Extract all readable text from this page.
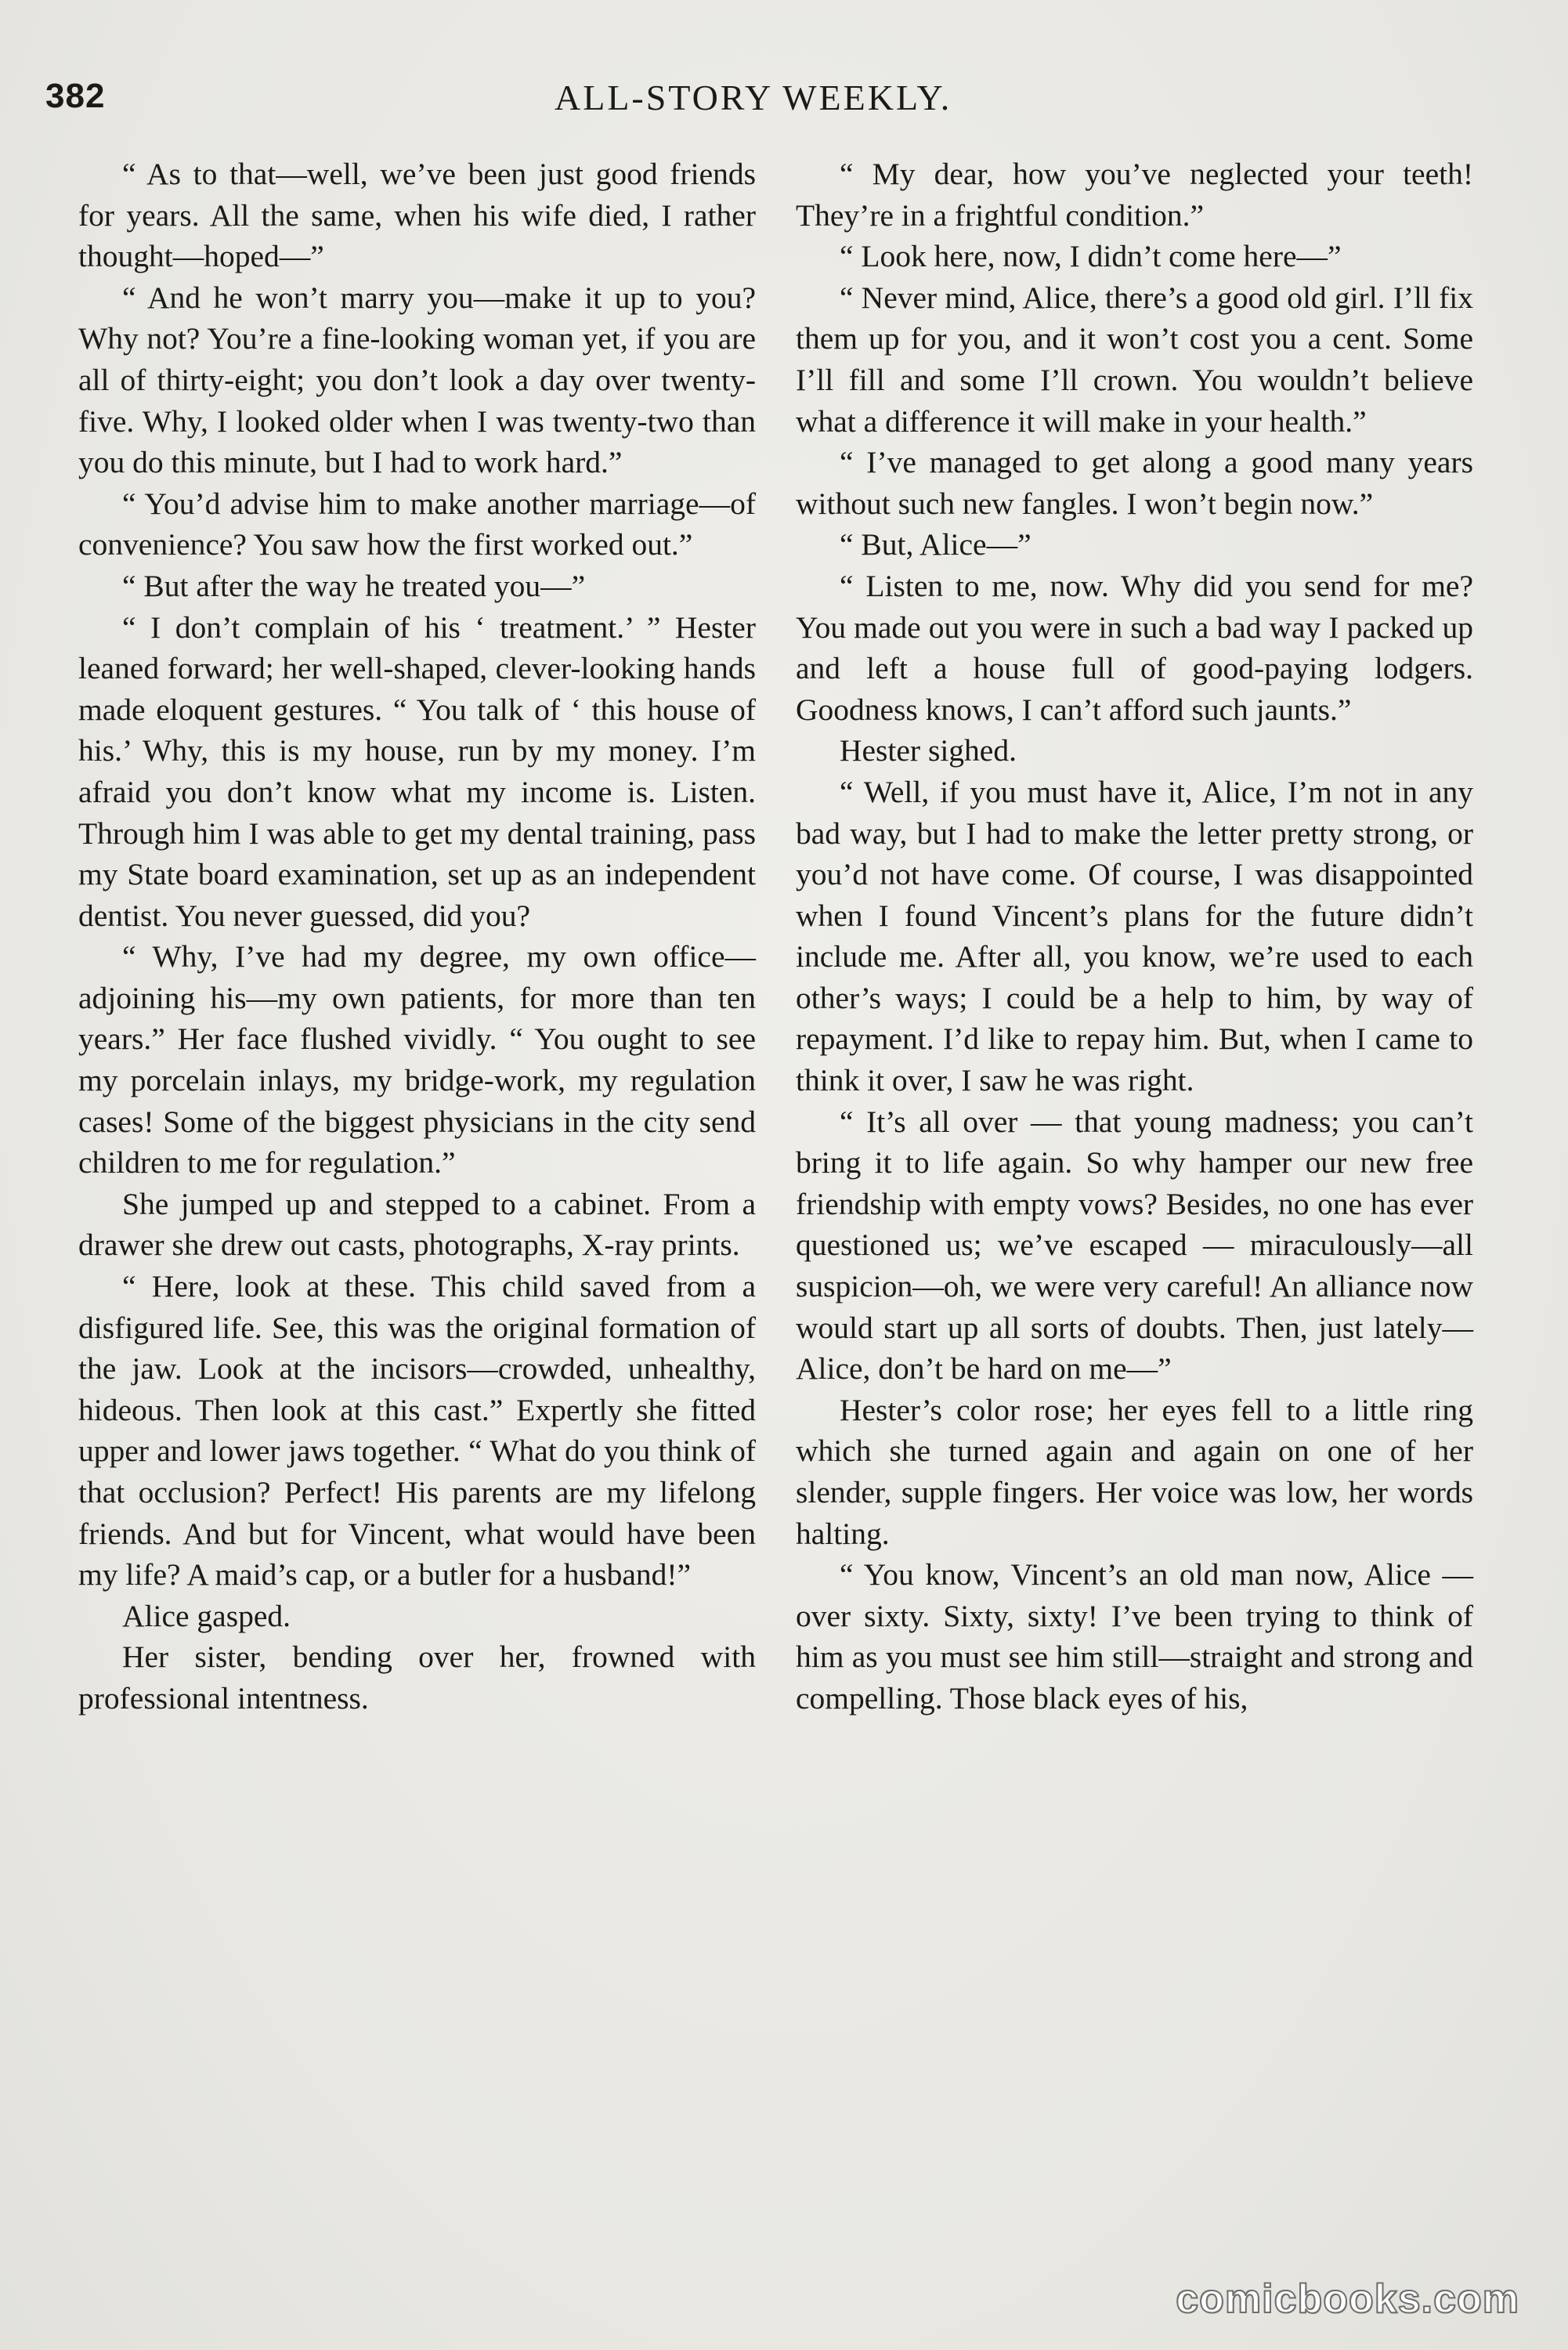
382	ALL-STORY WEEKLY.

“ As to that—well, we’ve been just good friends for years. All the same, when his wife died, I rather thought—hoped—”

“ And he won’t marry you—make it up to you? Why not? You’re a fine-looking woman yet, if you are all of thirty-eight; you don’t look a day over twenty-five. Why, I looked older when I was twenty-two than you do this minute, but I had to work hard.”

“ You’d advise him to make another marriage—of convenience? You saw how the first worked out.”

“ But after the way he treated you—”

“ I don’t complain of his ‘ treatment.’ ” Hester leaned forward; her well-shaped, clever-looking hands made eloquent gestures. “ You talk of ‘ this house of his.’ Why, this is my house, run by my money. I’m afraid you don’t know what my income is. Listen. Through him I was able to get my dental training, pass my State board examination, set up as an independent dentist. You never guessed, did you?

“ Why, I’ve had my degree, my own office—adjoining his—my own patients, for more than ten years.” Her face flushed vividly. “ You ought to see my porcelain inlays, my bridge-work, my regulation cases! Some of the biggest physicians in the city send children to me for regulation.”

She jumped up and stepped to a cabinet. From a drawer she drew out casts, photographs, X-ray prints.

“ Here, look at these. This child saved from a disfigured life. See, this was the original formation of the jaw. Look at the incisors—crowded, unhealthy, hideous. Then look at this cast.” Expertly she fitted upper and lower jaws together. “ What do you think of that occlusion? Perfect! His parents are my lifelong friends. And but for Vincent, what would have been my life? A maid’s cap, or a butler for a husband!”

Alice gasped.

Her sister, bending over her, frowned with professional intentness.

“ My dear, how you’ve neglected your teeth! They’re in a frightful condition.”

“ Look here, now, I didn’t come here—”

“ Never mind, Alice, there’s a good old girl. I’ll fix them up for you, and it won’t cost you a cent. Some I’ll fill and some I’ll crown. You wouldn’t believe what a difference it will make in your health.”

“ I’ve managed to get along a good many years without such new fangles. I won’t begin now.”

“ But, Alice—”

“ Listen to me, now. Why did you send for me? You made out you were in such a bad way I packed up and left a house full of good-paying lodgers. Goodness knows, I can’t afford such jaunts.”

Hester sighed.

“ Well, if you must have it, Alice, I’m not in any bad way, but I had to make the letter pretty strong, or you’d not have come. Of course, I was disappointed when I found Vincent’s plans for the future didn’t include me. After all, you know, we’re used to each other’s ways; I could be a help to him, by way of repayment. I’d like to repay him. But, when I came to think it over, I saw he was right.

“ It’s all over — that young madness; you can’t bring it to life again. So why hamper our new free friendship with empty vows? Besides, no one has ever questioned us; we’ve escaped — miraculously—all suspicion—oh, we were very careful! An alliance now would start up all sorts of doubts. Then, just lately—Alice, don’t be hard on me—”

Hester’s color rose; her eyes fell to a little ring which she turned again and again on one of her slender, supple fingers. Her voice was low, her words halting.

“ You know, Vincent’s an old man now, Alice — over sixty. Sixty, sixty! I’ve been trying to think of him as you must see him still—straight and strong and compelling. Those black eyes of his,

comicbooks.com
